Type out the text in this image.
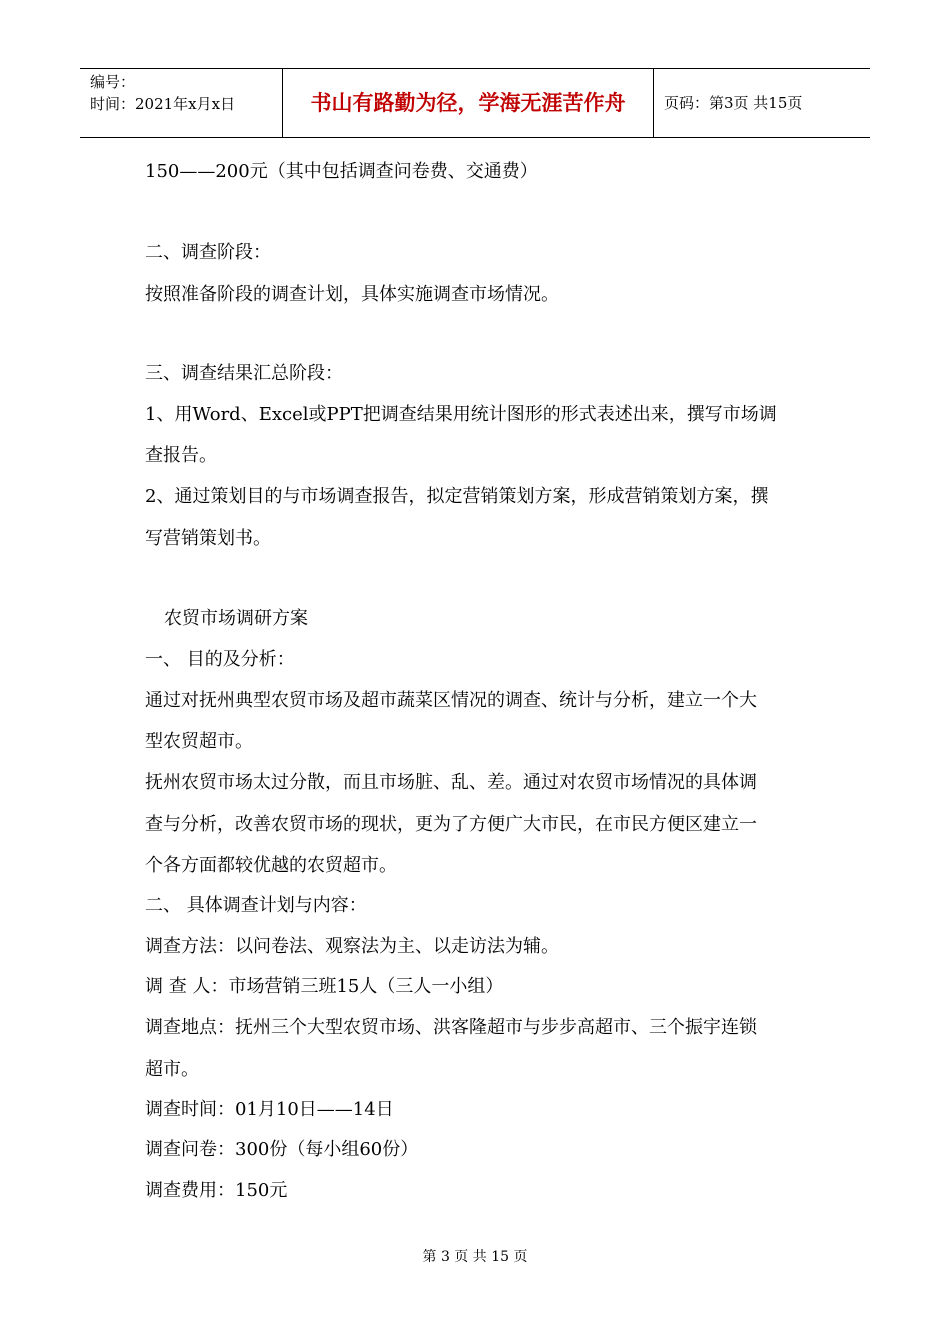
编号：
时间：2021年x月x日	书山有路勤为径，学海无涯苦作舟	页码：第3页 共15页
150——200元（其中包括调查问卷费、交通费）
二、调查阶段：
按照准备阶段的调查计划，具体实施调查市场情况。
三、调查结果汇总阶段：
1、用Word、Excel或PPT把调查结果用统计图形的形式表述出来，撰写市场调
查报告。
2、通过策划目的与市场调查报告，拟定营销策划方案，形成营销策划方案，撰
写营销策划书。
农贸市场调研方案
一、 目的及分析：
通过对抚州典型农贸市场及超市蔬菜区情况的调查、统计与分析，建立一个大
型农贸超市。
抚州农贸市场太过分散，而且市场脏、乱、差。通过对农贸市场情况的具体调
查与分析，改善农贸市场的现状，更为了方便广大市民，在市民方便区建立一
个各方面都较优越的农贸超市。
二、 具体调查计划与内容：
调查方法：以问卷法、观察法为主、以走访法为辅。
调 查 人：市场营销三班15人（三人一小组）
调查地点：抚州三个大型农贸市场、洪客隆超市与步步高超市、三个振宇连锁
超市。
调查时间：01月10日——14日
调查问卷：300份（每小组60份）
调查费用：150元
第 3 页 共 15 页
